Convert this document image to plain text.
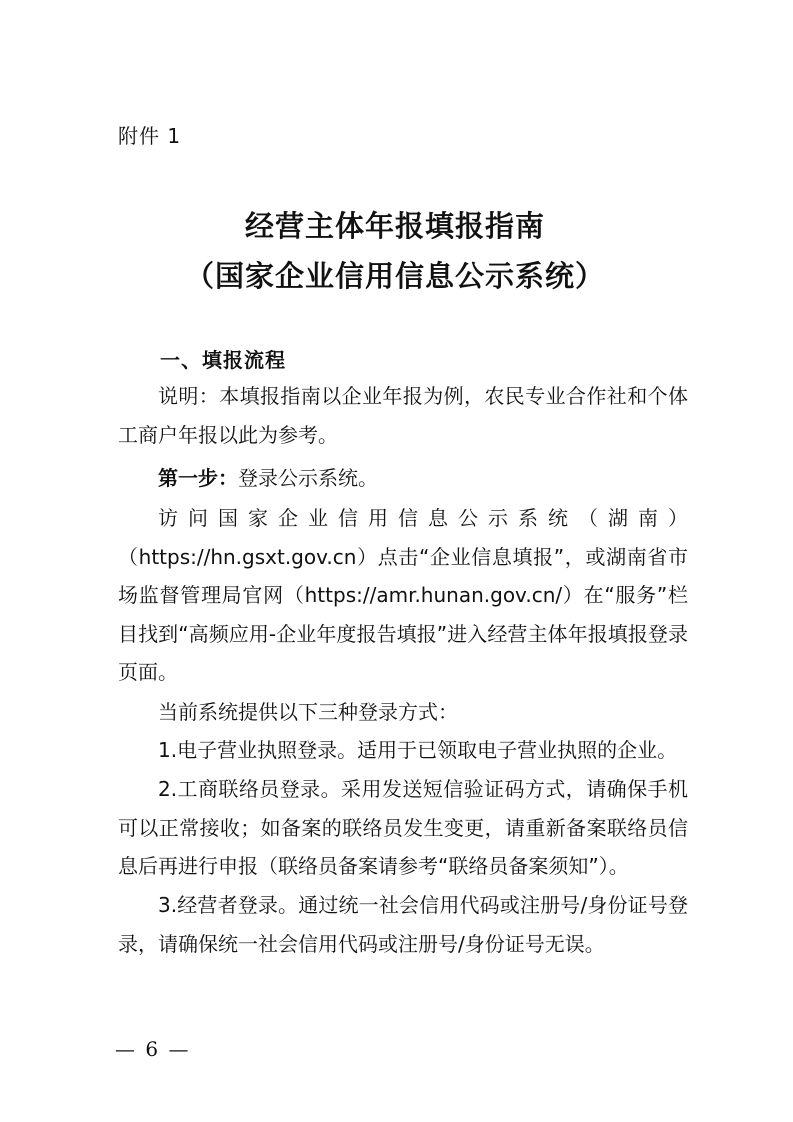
附件 1
经营主体年报填报指南
（国家企业信用信息公示系统）
一、填报流程
说明：本填报指南以企业年报为例，农民专业合作社和个体工商户年报以此为参考。
第一步：登录公示系统。
访问国家企业信用信息公示系统（湖南）（https://hn.gsxt.gov.cn）点击“企业信息填报”，或湖南省市场监督管理局官网（https://amr.hunan.gov.cn/）在“服务”栏目找到“高频应用-企业年度报告填报”进入经营主体年报填报登录页面。
当前系统提供以下三种登录方式：
1.电子营业执照登录。适用于已领取电子营业执照的企业。
2.工商联络员登录。采用发送短信验证码方式，请确保手机可以正常接收；如备案的联络员发生变更，请重新备案联络员信息后再进行申报（联络员备案请参考“联络员备案须知”）。
3.经营者登录。通过统一社会信用代码或注册号/身份证号登录，请确保统一社会信用代码或注册号/身份证号无误。
— 6 —
